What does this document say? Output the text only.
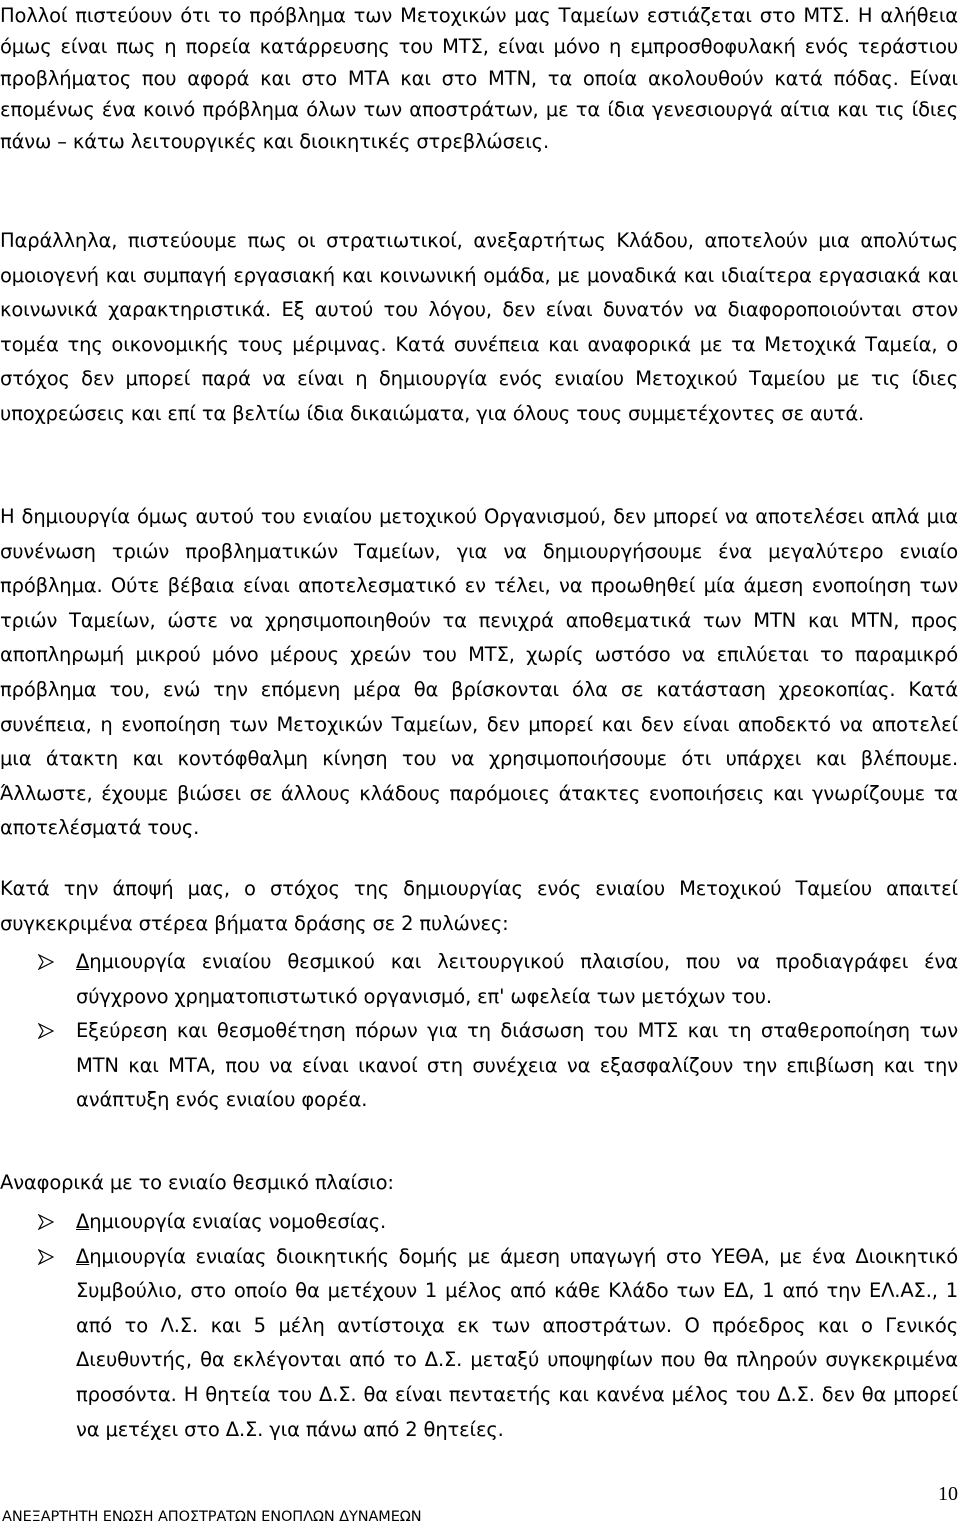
Πολλοί πιστεύουν ότι το πρόβλημα των Μετοχικών μας Ταμείων εστιάζεται στο ΜΤΣ. Η αλήθεια όμως είναι πως η πορεία κατάρρευσης του ΜΤΣ, είναι μόνο η εμπροσθοφυλακή ενός τεράστιου προβλήματος που αφορά και στο ΜΤΑ και στο ΜΤΝ, τα οποία ακολουθούν κατά πόδας. Είναι επομένως ένα κοινό πρόβλημα όλων των αποστράτων, με τα ίδια γενεσιουργά αίτια και τις ίδιες πάνω – κάτω λειτουργικές και διοικητικές στρεβλώσεις.

Παράλληλα, πιστεύουμε πως οι στρατιωτικοί, ανεξαρτήτως Κλάδου, αποτελούν μια απολύτως ομοιογενή και συμπαγή εργασιακή και κοινωνική ομάδα, με μοναδικά και ιδιαίτερα εργασιακά και κοινωνικά χαρακτηριστικά. Εξ αυτού του λόγου, δεν είναι δυνατόν να διαφοροποιούνται στον τομέα της οικονομικής τους μέριμνας. Κατά συνέπεια και αναφορικά με τα Μετοχικά Ταμεία, ο στόχος δεν μπορεί παρά να είναι η δημιουργία ενός ενιαίου Μετοχικού Ταμείου με τις ίδιες υποχρεώσεις και επί τα βελτίω ίδια δικαιώματα, για όλους τους συμμετέχοντες σε αυτά.

Η δημιουργία όμως αυτού του ενιαίου μετοχικού Οργανισμού, δεν μπορεί να αποτελέσει απλά μια συνένωση τριών προβληματικών Ταμείων, για να δημιουργήσουμε ένα μεγαλύτερο ενιαίο πρόβλημα. Ούτε βέβαια είναι αποτελεσματικό εν τέλει, να προωθηθεί μία άμεση ενοποίηση των τριών Ταμείων, ώστε να χρησιμοποιηθούν τα πενιχρά αποθεματικά των ΜΤΝ και ΜΤΝ, προς αποπληρωμή μικρού μόνο μέρους χρεών του ΜΤΣ, χωρίς ωστόσο να επιλύεται το παραμικρό πρόβλημα του, ενώ την επόμενη μέρα θα βρίσκονται όλα σε κατάσταση χρεοκοπίας. Κατά συνέπεια, η ενοποίηση των Μετοχικών Ταμείων, δεν μπορεί και δεν είναι αποδεκτό να αποτελεί μια άτακτη και κοντόφθαλμη κίνηση του να χρησιμοποιήσουμε ότι υπάρχει και βλέπουμε. Άλλωστε, έχουμε βιώσει σε άλλους κλάδους παρόμοιες άτακτες ενοποιήσεις και γνωρίζουμε τα αποτελέσματά τους.

Κατά την άποψή μας, ο στόχος της δημιουργίας ενός ενιαίου Μετοχικού Ταμείου απαιτεί συγκεκριμένα στέρεα βήματα δράσης σε 2 πυλώνες:

Δημιουργία ενιαίου θεσμικού και λειτουργικού πλαισίου, που να προδιαγράφει ένα σύγχρονο χρηματοπιστωτικό οργανισμό, επ' ωφελεία των μετόχων του.
Εξεύρεση και θεσμοθέτηση πόρων για τη διάσωση του ΜΤΣ και τη σταθεροποίηση των ΜΤΝ και ΜΤΑ, που να είναι ικανοί στη συνέχεια να εξασφαλίζουν την επιβίωση και την ανάπτυξη ενός ενιαίου φορέα.

Αναφορικά με το ενιαίο θεσμικό πλαίσιο:

Δημιουργία ενιαίας νομοθεσίας.
Δημιουργία ενιαίας διοικητικής δομής με άμεση υπαγωγή στο ΥΕΘΑ, με ένα Διοικητικό Συμβούλιο, στο οποίο θα μετέχουν 1 μέλος από κάθε Κλάδο των ΕΔ, 1 από την ΕΛ.ΑΣ., 1 από το Λ.Σ. και 5 μέλη αντίστοιχα εκ των αποστράτων. Ο πρόεδρος και ο Γενικός Διευθυντής, θα εκλέγονται από το Δ.Σ. μεταξύ υποψηφίων που θα πληρούν συγκεκριμένα προσόντα. Η θητεία του Δ.Σ. θα είναι πενταετής και κανένα μέλος του Δ.Σ. δεν θα μπορεί να μετέχει στο Δ.Σ. για πάνω από 2 θητείες.
ΑΝΕΞΑΡΤΗΤΗ ΕΝΩΣΗ ΑΠΟΣΤΡΑΤΩΝ ΕΝΟΠΛΩΝ ΔΥΝΑΜΕΩΝ
10
